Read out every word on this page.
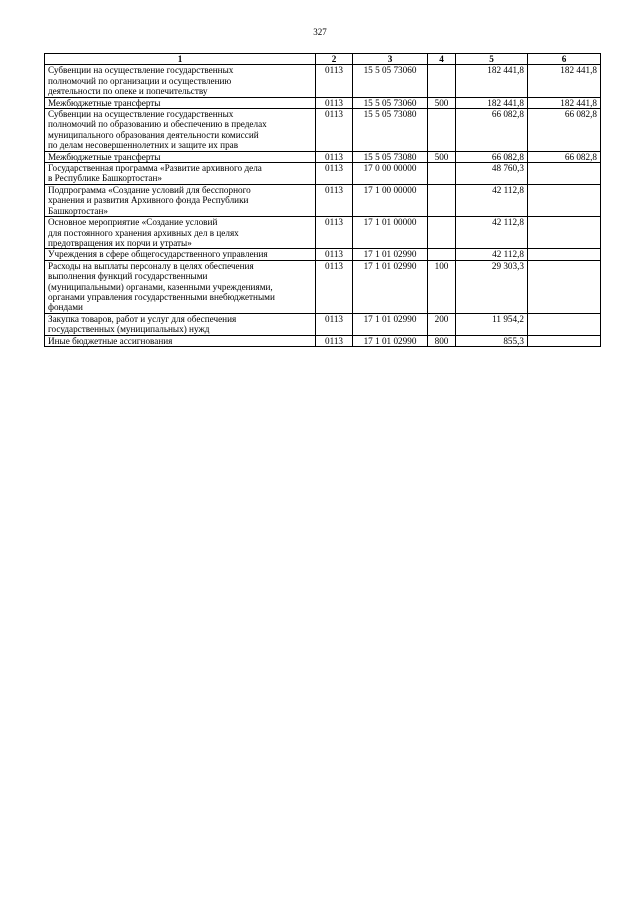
327
1	2	3	4	5	6
Субвенции на осуществление государственных
полномочий по организации и осуществлению
деятельности по опеке и попечительству	0113	15 5 05 73060		182 441,8	182 441,8
Межбюджетные трансферты	0113	15 5 05 73060	500	182 441,8	182 441,8
Субвенции на осуществление государственных
полномочий по образованию и обеспечению в пределах
муниципального образования деятельности комиссий
по делам несовершеннолетних и защите их прав	0113	15 5 05 73080		66 082,8	66 082,8
Межбюджетные трансферты	0113	15 5 05 73080	500	66 082,8	66 082,8
Государственная программа «Развитие архивного дела
в Республике Башкортостан»	0113	17 0 00 00000		48 760,3	
Подпрограмма «Создание условий для бесспорного
хранения и развития Архивного фонда Республики
Башкортостан»	0113	17 1 00 00000		42 112,8	
Основное мероприятие «Создание условий
для постоянного хранения архивных дел в целях
предотвращения их порчи и утраты»	0113	17 1 01 00000		42 112,8	
Учреждения в сфере общегосударственного управления	0113	17 1 01 02990		42 112,8	
Расходы на выплаты персоналу в целях обеспечения
выполнения функций государственными
(муниципальными) органами, казенными учреждениями,
органами управления государственными внебюджетными
фондами	0113	17 1 01 02990	100	29 303,3	
Закупка товаров, работ и услуг для обеспечения
государственных (муниципальных) нужд	0113	17 1 01 02990	200	11 954,2	
Иные бюджетные ассигнования	0113	17 1 01 02990	800	855,3	
